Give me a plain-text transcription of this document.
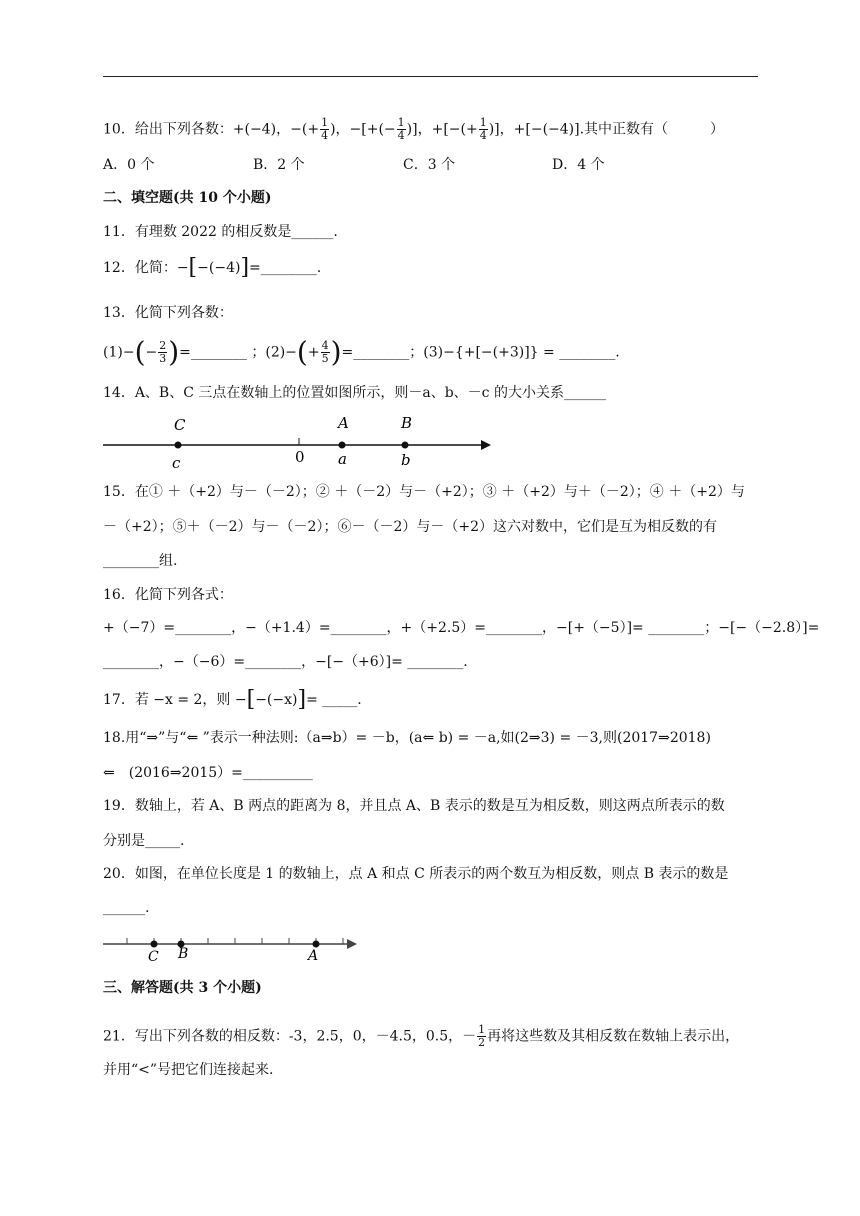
10．给出下列各数：+(−4)，−(+ $\frac{1}{4}$ )，−[+(− $\frac{1}{4}$ )]，+[−(+ $\frac{1}{4}$ )]，+[−(−4)].其中正数有（　　　）
A．0 个	B．2 个	C．3 个	D．4 个
二、填空题(共 10 个小题)
11．有理数 2022 的相反数是______.
12．化简：−[−(−4)]=________.
13．化简下列各数：
$(1)-(- \frac{2}{3}$ )=________ ；$(2)-(+ \frac{4}{5}$ )=________；(3)−{+[−(+3)]} = ________.
14．A、B、C 三点在数轴上的位置如图所示，则－a、b、－c 的大小关系______
C	A	B
c	0 a	b
15．在① ＋（+2）与－（－2）；② ＋（－2）与－（+2）；③ ＋（+2）与＋（－2）；④ ＋（+2）与
－（+2）；⑤＋（－2）与－（－2）；⑥－（－2）与－（+2）这六对数中，它们是互为相反数的有
________组.
16．化简下列各式：
+（−7）=________，−（+1.4）=________，+（+2.5）=________，−[+（−5）]= ________；−[−（−2.8）]=
________，−（−6）=________，−[−（+6）]= ________.
17．若 −x = 2，则 −[−(−x)]= _____.
18.用“⇒”与“⇐ ”表示一种法则:（a⇒b）= －b，(a⇐ b) = －a,如(2⇒3) = －3,则(2017⇒2018)
⇐　(2016⇒2015）=__________
19．数轴上，若 A、B 两点的距离为 8，并且点 A、B 表示的数是互为相反数，则这两点所表示的数
分别是_____.
20．如图，在单位长度是 1 的数轴上，点 A 和点 C 所表示的两个数互为相反数，则点 B 表示的数是
______.
C B	A
三、解答题(共 3 个小题)
21．写出下列各数的相反数：-3，2.5，0，－4.5，0.5，－ $\frac{1}{2}$ 再将这些数及其相反数在数轴上表示出，
并用“<”号把它们连接起来.
